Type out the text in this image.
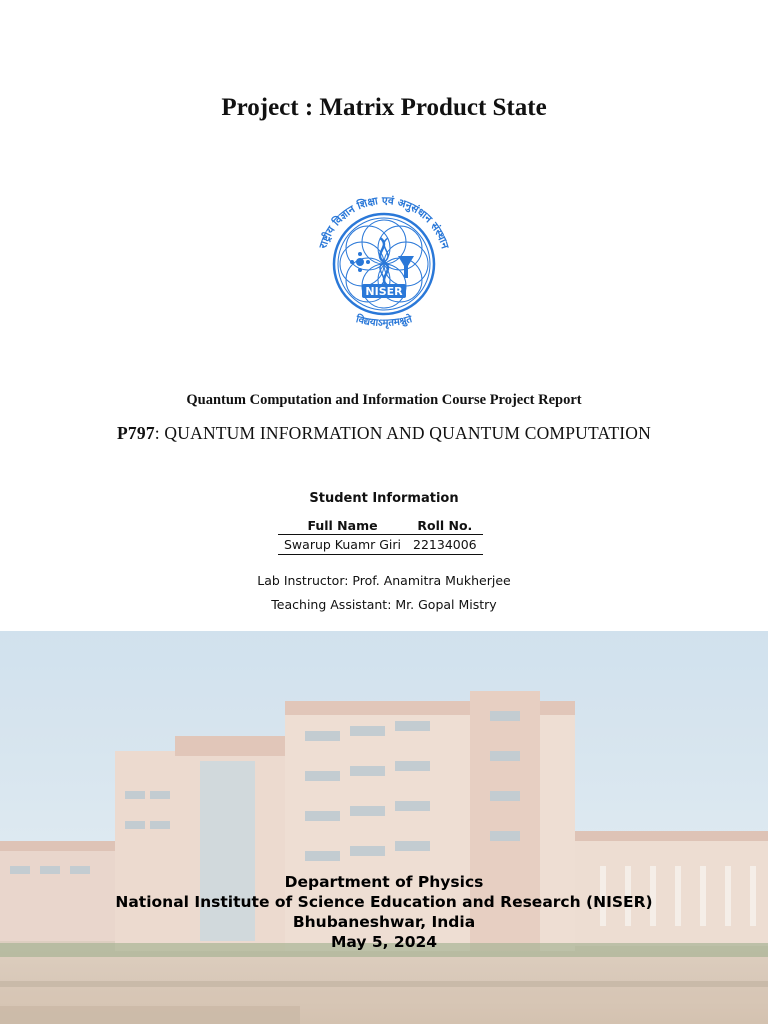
Project : Matrix Product State
NISER
राष्ट्रीय विज्ञान शिक्षा एवं अनुसंधान संस्थान
विद्ययाऽमृतमश्नुते
Quantum Computation and Information Course Project Report
P797: QUANTUM INFORMATION AND QUANTUM COMPUTATION
Student Information
Full Name	Roll No.
Swarup Kuamr Giri	22134006
Lab Instructor: Prof. Anamitra Mukherjee
Teaching Assistant: Mr. Gopal Mistry
Department of Physics
National Institute of Science Education and Research (NISER)
Bhubaneshwar, India
May 5, 2024
